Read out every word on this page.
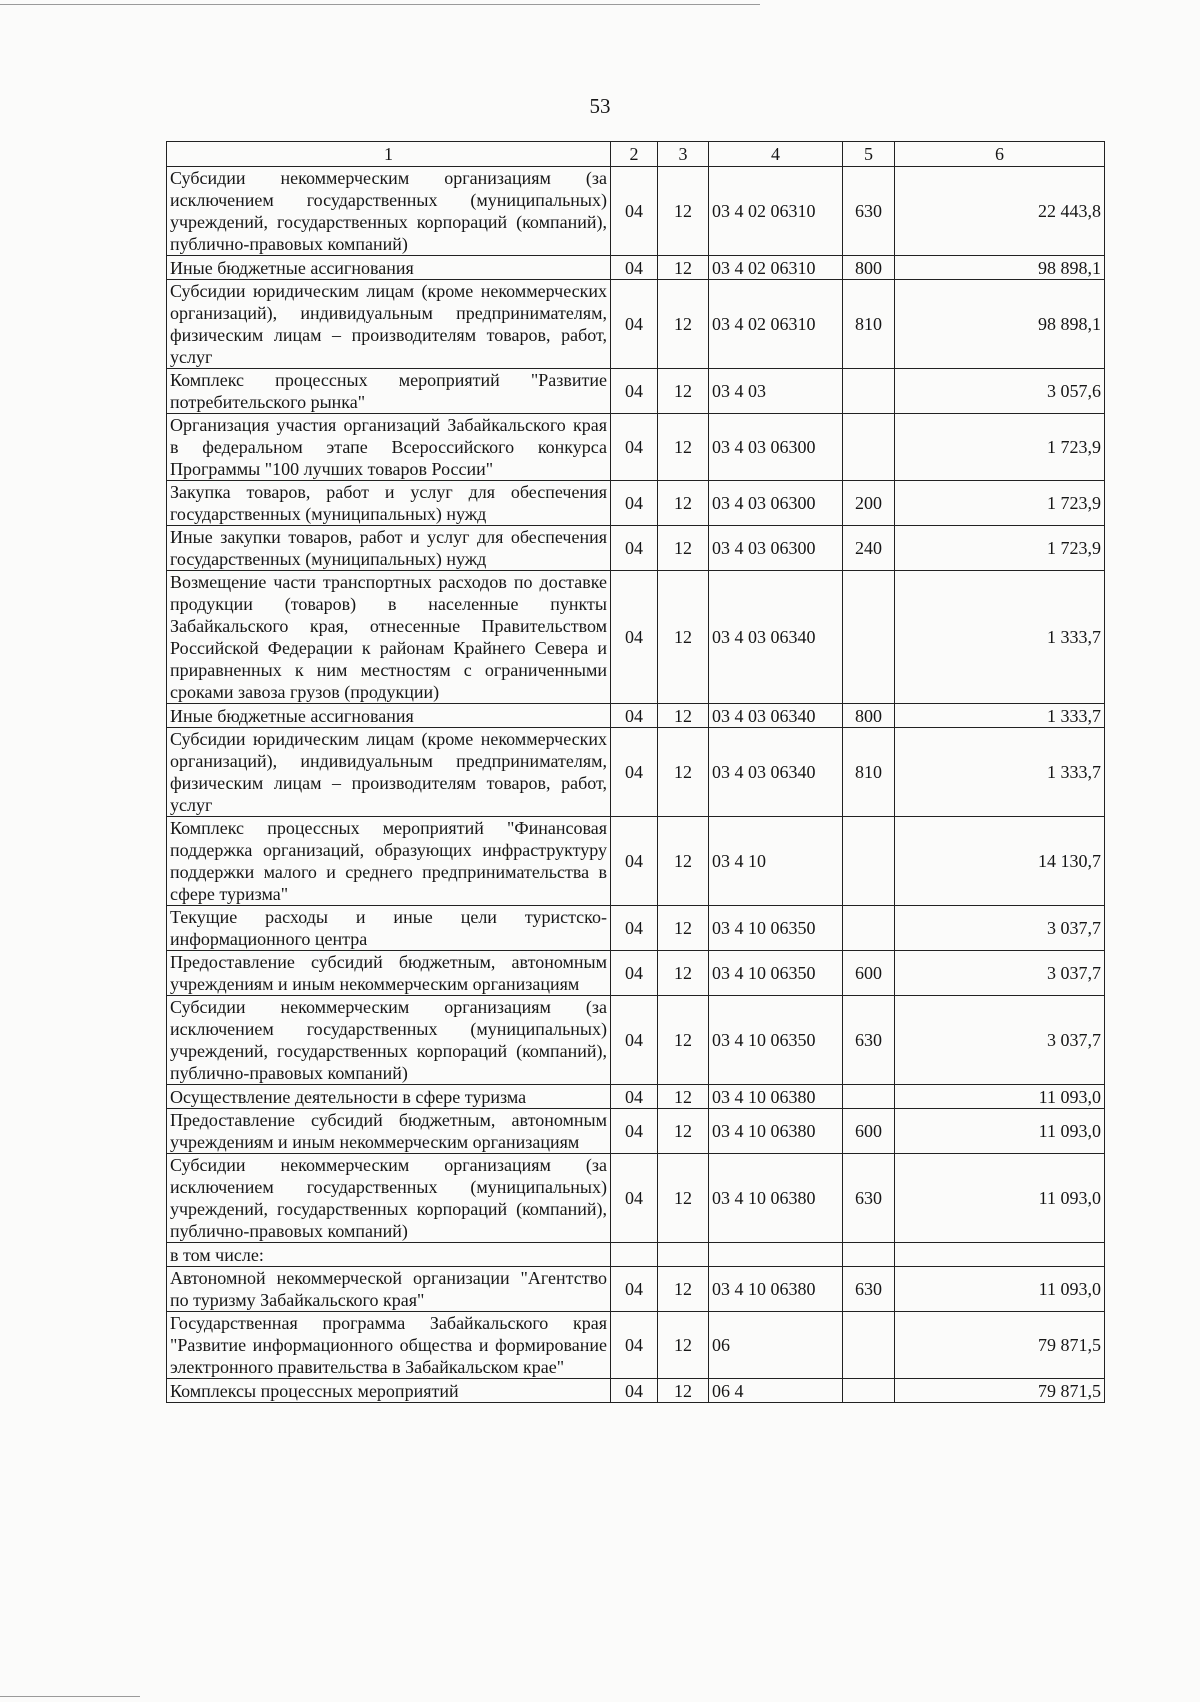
53
1	2	3	4	5	6
Субсидии некоммерческим организациям (за исключением государственных (муниципальных) учреждений, государственных корпораций (компаний), публично-правовых компаний)	04	12	03 4 02 06310	630	22 443,8
Иные бюджетные ассигнования	04	12	03 4 02 06310	800	98 898,1
Субсидии юридическим лицам (кроме некоммерческих организаций), индивидуальным предпринимателям, физическим лицам – производителям товаров, работ, услуг	04	12	03 4 02 06310	810	98 898,1
Комплекс процессных мероприятий "Развитие потребительского рынка"	04	12	03 4 03		3 057,6
Организация участия организаций Забайкальского края в федеральном этапе Всероссийского конкурса Программы "100 лучших товаров России"	04	12	03 4 03 06300		1 723,9
Закупка товаров, работ и услуг для обеспечения государственных (муниципальных) нужд	04	12	03 4 03 06300	200	1 723,9
Иные закупки товаров, работ и услуг для обеспечения государственных (муниципальных) нужд	04	12	03 4 03 06300	240	1 723,9
Возмещение части транспортных расходов по доставке продукции (товаров) в населенные пункты Забайкальского края, отнесенные Правительством Российской Федерации к районам Крайнего Севера и приравненных к ним местностям с ограниченными сроками завоза грузов (продукции)	04	12	03 4 03 06340		1 333,7
Иные бюджетные ассигнования	04	12	03 4 03 06340	800	1 333,7
Субсидии юридическим лицам (кроме некоммерческих организаций), индивидуальным предпринимателям, физическим лицам – производителям товаров, работ, услуг	04	12	03 4 03 06340	810	1 333,7
Комплекс процессных мероприятий "Финансовая поддержка организаций, образующих инфраструктуру поддержки малого и среднего предпринимательства в сфере туризма"	04	12	03 4 10		14 130,7
Текущие расходы и иные цели туристско-информационного центра	04	12	03 4 10 06350		3 037,7
Предоставление субсидий бюджетным, автономным учреждениям и иным некоммерческим организациям	04	12	03 4 10 06350	600	3 037,7
Субсидии некоммерческим организациям (за исключением государственных (муниципальных) учреждений, государственных корпораций (компаний), публично-правовых компаний)	04	12	03 4 10 06350	630	3 037,7
Осуществление деятельности в сфере туризма	04	12	03 4 10 06380		11 093,0
Предоставление субсидий бюджетным, автономным учреждениям и иным некоммерческим организациям	04	12	03 4 10 06380	600	11 093,0
Субсидии некоммерческим организациям (за исключением государственных (муниципальных) учреждений, государственных корпораций (компаний), публично-правовых компаний)	04	12	03 4 10 06380	630	11 093,0
в том числе:					
Автономной некоммерческой организации "Агентство по туризму Забайкальского края"	04	12	03 4 10 06380	630	11 093,0
Государственная программа Забайкальского края "Развитие информационного общества и формирование электронного правительства в Забайкальском крае"	04	12	06		79 871,5
Комплексы процессных мероприятий	04	12	06 4		79 871,5
